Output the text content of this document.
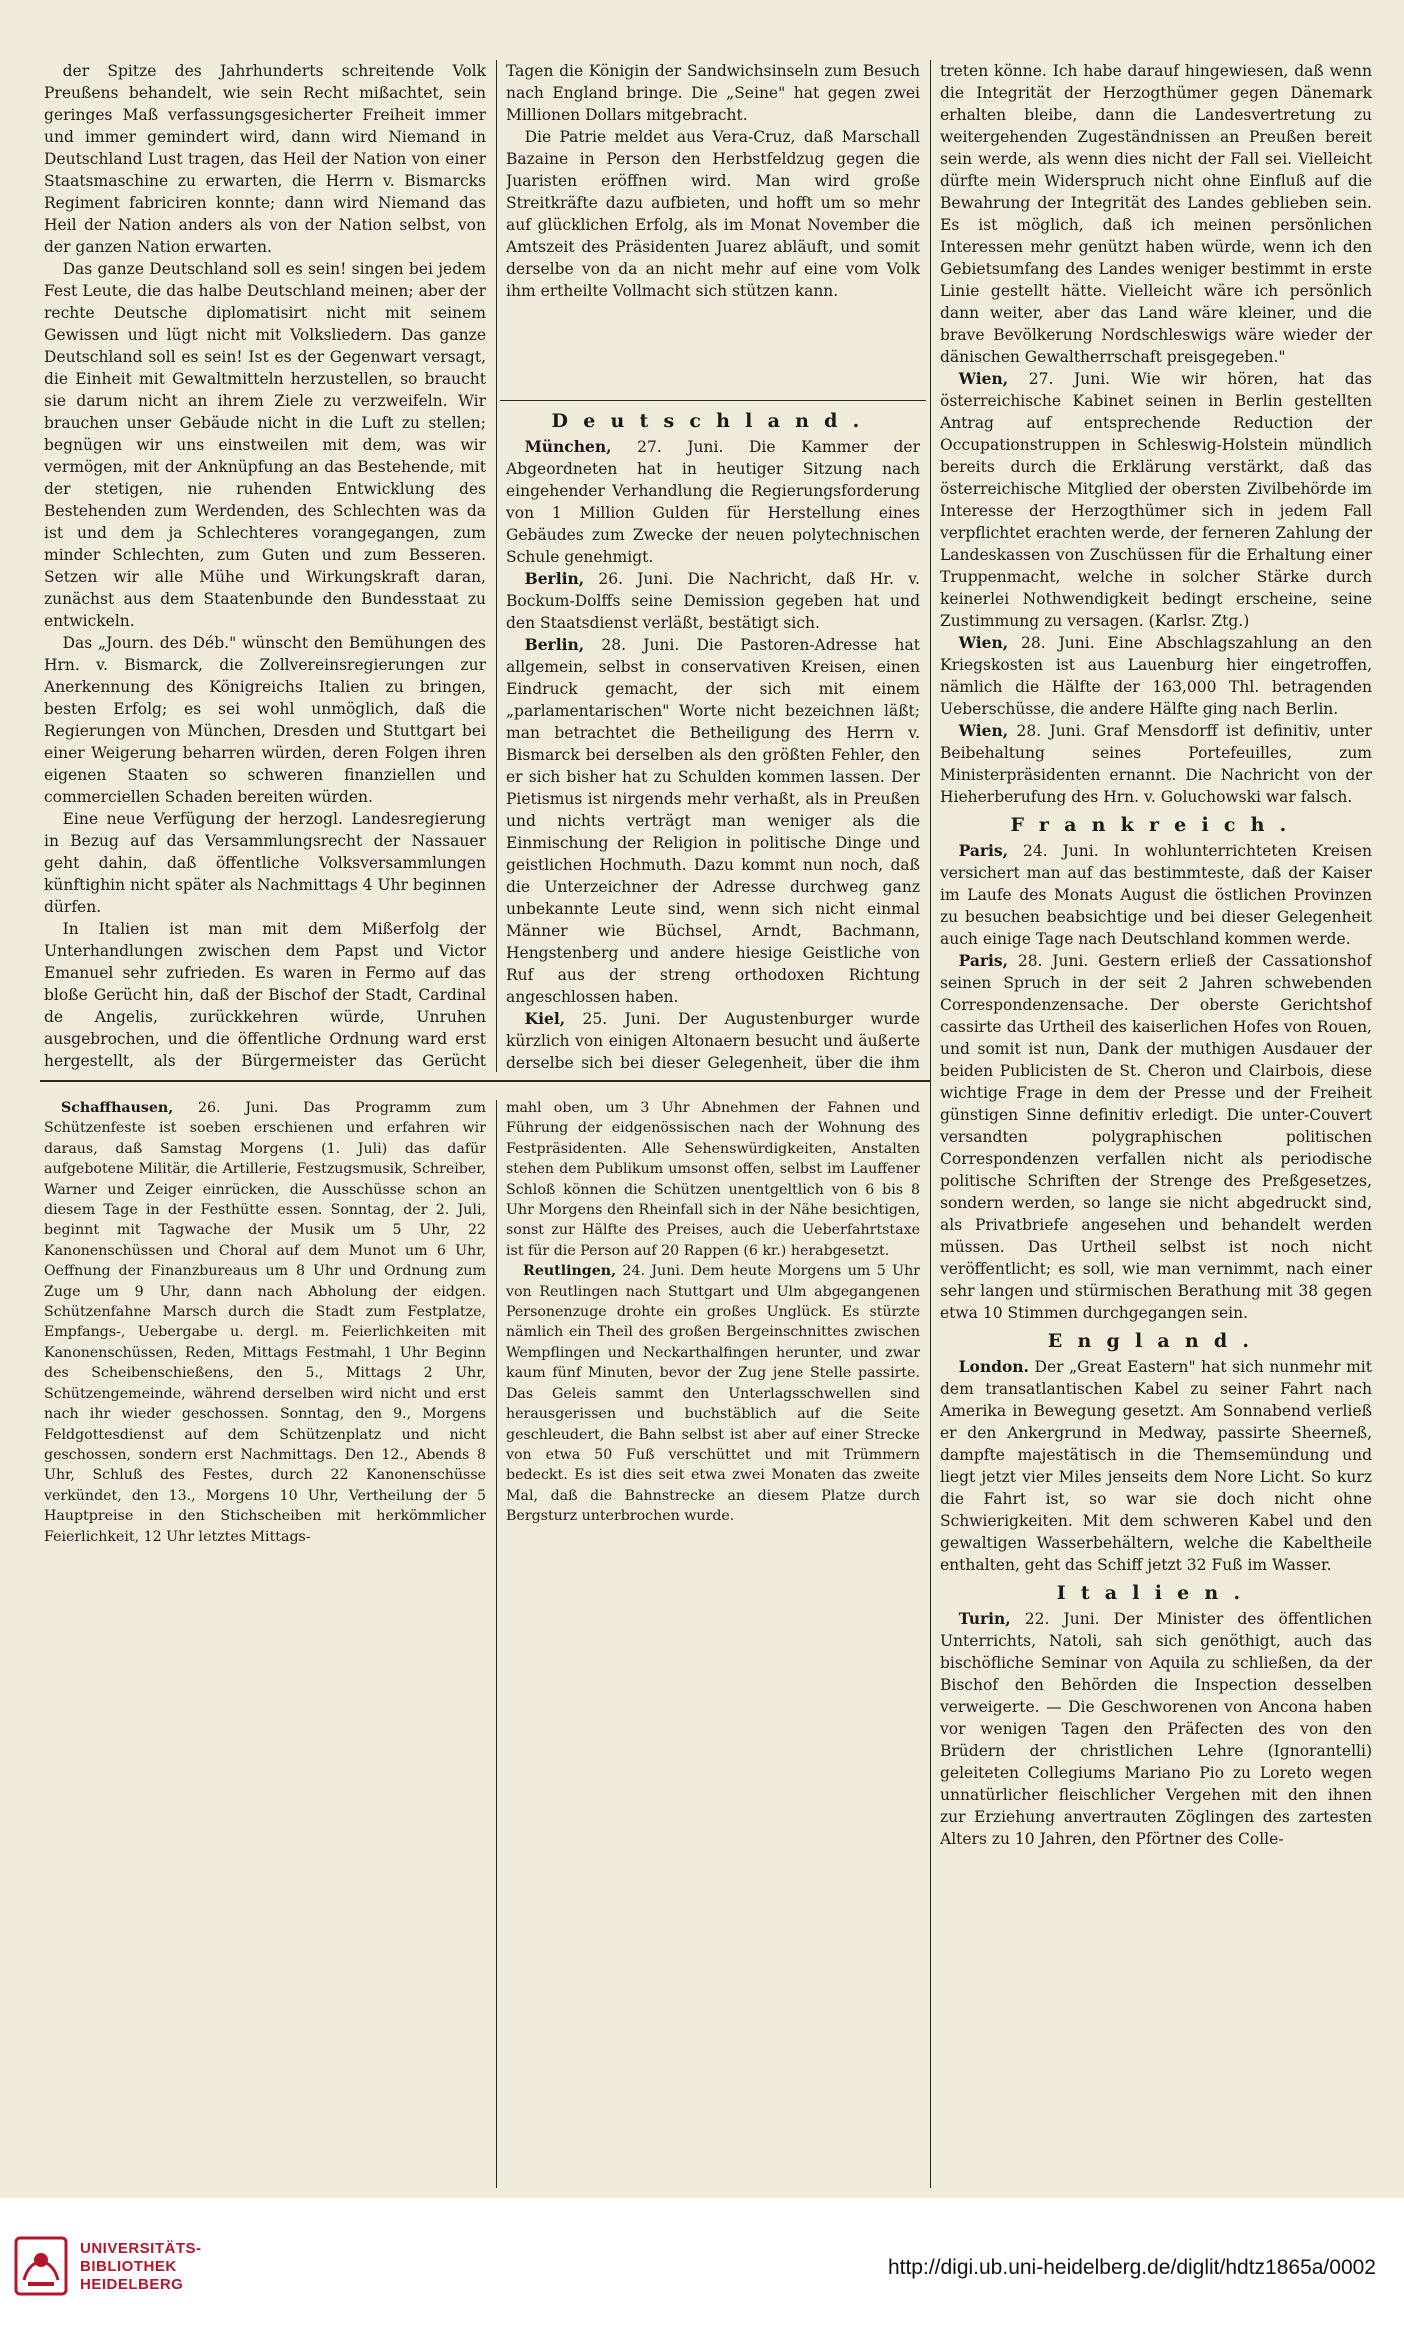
der Spitze des Jahrhunderts schreitende Volk Preußens behandelt, wie sein Recht mißachtet, sein geringes Maß verfassungsgesicherter Freiheit immer und immer gemindert wird, dann wird Niemand in Deutschland Lust tragen, das Heil der Nation von einer Staatsmaschine zu erwarten, die Herrn v. Bismarcks Regiment fabriciren konnte; dann wird Niemand das Heil der Nation anders als von der Nation selbst, von der ganzen Nation erwarten.

Das ganze Deutschland soll es sein! singen bei jedem Fest Leute, die das halbe Deutschland meinen; aber der rechte Deutsche diplomatisirt nicht mit seinem Gewissen und lügt nicht mit Volksliedern. Das ganze Deutschland soll es sein! Ist es der Gegenwart versagt, die Einheit mit Gewaltmitteln herzustellen, so braucht sie darum nicht an ihrem Ziele zu verzweifeln. Wir brauchen unser Gebäude nicht in die Luft zu stellen; begnügen wir uns einstweilen mit dem, was wir vermögen, mit der Anknüpfung an das Bestehende, mit der stetigen, nie ruhenden Entwicklung des Bestehenden zum Werdenden, des Schlechten was da ist und dem ja Schlechteres vorangegangen, zum minder Schlechten, zum Guten und zum Besseren. Setzen wir alle Mühe und Wirkungskraft daran, zunächst aus dem Staatenbunde den Bundesstaat zu entwickeln.

Das „Journ. des Déb." wünscht den Bemühungen des Hrn. v. Bismarck, die Zollvereinsregierungen zur Anerkennung des Königreichs Italien zu bringen, besten Erfolg; es sei wohl unmöglich, daß die Regierungen von München, Dresden und Stuttgart bei einer Weigerung beharren würden, deren Folgen ihren eigenen Staaten so schweren finanziellen und commerciellen Schaden bereiten würden.

Eine neue Verfügung der herzogl. Landesregierung in Bezug auf das Versammlungsrecht der Nassauer geht dahin, daß öffentliche Volksversammlungen künftighin nicht später als Nachmittags 4 Uhr beginnen dürfen.

In Italien ist man mit dem Mißerfolg der Unterhandlungen zwischen dem Papst und Victor Emanuel sehr zufrieden. Es waren in Fermo auf das bloße Gerücht hin, daß der Bischof der Stadt, Cardinal de Angelis, zurückkehren würde, Unruhen ausgebrochen, und die öffentliche Ordnung ward erst hergestellt, als der Bürgermeister das Gerücht

Tagen die Königin der Sandwichsinseln zum Besuch nach England bringe. Die „Seine" hat gegen zwei Millionen Dollars mitgebracht.

Die Patrie meldet aus Vera-Cruz, daß Marschall Bazaine in Person den Herbstfeldzug gegen die Juaristen eröffnen wird. Man wird große Streitkräfte dazu aufbieten, und hofft um so mehr auf glücklichen Erfolg, als im Monat November die Amtszeit des Präsidenten Juarez abläuft, und somit derselbe von da an nicht mehr auf eine vom Volk ihm ertheilte Vollmacht sich stützen kann.

Deutschland.

München, 27. Juni. Die Kammer der Abgeordneten hat in heutiger Sitzung nach eingehender Verhandlung die Regierungsforderung von 1 Million Gulden für Herstellung eines Gebäudes zum Zwecke der neuen polytechnischen Schule genehmigt.

Berlin, 26. Juni. Die Nachricht, daß Hr. v. Bockum-Dolffs seine Demission gegeben hat und den Staatsdienst verläßt, bestätigt sich.

Berlin, 28. Juni. Die Pastoren-Adresse hat allgemein, selbst in conservativen Kreisen, einen Eindruck gemacht, der sich mit einem „parlamentarischen" Worte nicht bezeichnen läßt; man betrachtet die Betheiligung des Herrn v. Bismarck bei derselben als den größten Fehler, den er sich bisher hat zu Schulden kommen lassen. Der Pietismus ist nirgends mehr verhaßt, als in Preußen und nichts verträgt man weniger als die Einmischung der Religion in politische Dinge und geistlichen Hochmuth. Dazu kommt nun noch, daß die Unterzeichner der Adresse durchweg ganz unbekannte Leute sind, wenn sich nicht einmal Männer wie Büchsel, Arndt, Bachmann, Hengstenberg und andere hiesige Geistliche von Ruf aus der streng orthodoxen Richtung angeschlossen haben.

Kiel, 25. Juni. Der Augustenburger wurde kürzlich von einigen Altonaern besucht und äußerte derselbe sich bei dieser Gelegenheit, über die ihm

treten könne. Ich habe darauf hingewiesen, daß wenn die Integrität der Herzogthümer gegen Dänemark erhalten bleibe, dann die Landesvertretung zu weitergehenden Zugeständnissen an Preußen bereit sein werde, als wenn dies nicht der Fall sei. Vielleicht dürfte mein Widerspruch nicht ohne Einfluß auf die Bewahrung der Integrität des Landes geblieben sein. Es ist möglich, daß ich meinen persönlichen Interessen mehr genützt haben würde, wenn ich den Gebietsumfang des Landes weniger bestimmt in erste Linie gestellt hätte. Vielleicht wäre ich persönlich dann weiter, aber das Land wäre kleiner, und die brave Bevölkerung Nordschleswigs wäre wieder der dänischen Gewaltherrschaft preisgegeben."

Wien, 27. Juni. Wie wir hören, hat das österreichische Kabinet seinen in Berlin gestellten Antrag auf entsprechende Reduction der Occupationstruppen in Schleswig-Holstein mündlich bereits durch die Erklärung verstärkt, daß das österreichische Mitglied der obersten Zivilbehörde im Interesse der Herzogthümer sich in jedem Fall verpflichtet erachten werde, der ferneren Zahlung der Landeskassen von Zuschüssen für die Erhaltung einer Truppenmacht, welche in solcher Stärke durch keinerlei Nothwendigkeit bedingt erscheine, seine Zustimmung zu versagen. (Karlsr. Ztg.)

Wien, 28. Juni. Eine Abschlagszahlung an den Kriegskosten ist aus Lauenburg hier eingetroffen, nämlich die Hälfte der 163,000 Thl. betragenden Ueberschüsse, die andere Hälfte ging nach Berlin.

Wien, 28. Juni. Graf Mensdorff ist definitiv, unter Beibehaltung seines Portefeuilles, zum Ministerpräsidenten ernannt. Die Nachricht von der Hieherberufung des Hrn. v. Goluchowski war falsch.

Frankreich.

Paris, 24. Juni. In wohlunterrichteten Kreisen versichert man auf das bestimmteste, daß der Kaiser im Laufe des Monats August die östlichen Provinzen zu besuchen beabsichtige und bei dieser Gelegenheit auch einige Tage nach Deutschland kommen werde.

Paris, 28. Juni. Gestern erließ der Cassationshof seinen Spruch in der seit 2 Jahren schwebenden Correspondenzensache. Der oberste Gerichtshof cassirte das Urtheil des kaiserlichen Hofes von Rouen, und somit ist nun, Dank der muthigen Ausdauer der beiden Publicisten de St. Cheron und Clairbois, diese wichtige Frage in dem der Presse und der Freiheit günstigen Sinne definitiv erledigt. Die unter-Couvert versandten polygraphischen politischen Correspondenzen verfallen nicht als periodische politische Schriften der Strenge des Preßgesetzes, sondern werden, so lange sie nicht abgedruckt sind, als Privatbriefe angesehen und behandelt werden müssen. Das Urtheil selbst ist noch nicht veröffentlicht; es soll, wie man vernimmt, nach einer sehr langen und stürmischen Berathung mit 38 gegen etwa 10 Stimmen durchgegangen sein.

England.

London. Der „Great Eastern" hat sich nunmehr mit dem transatlantischen Kabel zu seiner Fahrt nach Amerika in Bewegung gesetzt. Am Sonnabend verließ er den Ankergrund in Medway, passirte Sheerneß, dampfte majestätisch in die Themsemündung und liegt jetzt vier Miles jenseits dem Nore Licht. So kurz die Fahrt ist, so war sie doch nicht ohne Schwierigkeiten. Mit dem schweren Kabel und den gewaltigen Wasserbehältern, welche die Kabeltheile enthalten, geht das Schiff jetzt 32 Fuß im Wasser.

Italien.

Turin, 22. Juni. Der Minister des öffentlichen Unterrichts, Natoli, sah sich genöthigt, auch das bischöfliche Seminar von Aquila zu schließen, da der Bischof den Behörden die Inspection desselben verweigerte. — Die Geschworenen von Ancona haben vor wenigen Tagen den Präfecten des von den Brüdern der christlichen Lehre (Ignorantelli) geleiteten Collegiums Mariano Pio zu Loreto wegen unnatürlicher fleischlicher Vergehen mit den ihnen zur Erziehung anvertrauten Zöglingen des zartesten Alters zu 10 Jahren, den Pförtner des Colle-

Schaffhausen, 26. Juni. Das Programm zum Schützenfeste ist soeben erschienen und erfahren wir daraus, daß Samstag Morgens (1. Juli) das dafür aufgebotene Militär, die Artillerie, Festzugsmusik, Schreiber, Warner und Zeiger einrücken, die Ausschüsse schon an diesem Tage in der Festhütte essen. Sonntag, der 2. Juli, beginnt mit Tagwache der Musik um 5 Uhr, 22 Kanonenschüssen und Choral auf dem Munot um 6 Uhr, Oeffnung der Finanzbureaus um 8 Uhr und Ordnung zum Zuge um 9 Uhr, dann nach Abholung der eidgen. Schützenfahne Marsch durch die Stadt zum Festplatze, Empfangs-, Uebergabe u. dergl. m. Feierlichkeiten mit Kanonenschüssen, Reden, Mittags Festmahl, 1 Uhr Beginn des Scheibenschießens, den 5., Mittags 2 Uhr, Schützengemeinde, während derselben wird nicht und erst nach ihr wieder geschossen. Sonntag, den 9., Morgens Feldgottesdienst auf dem Schützenplatz und nicht geschossen, sondern erst Nachmittags. Den 12., Abends 8 Uhr, Schluß des Festes, durch 22 Kanonenschüsse verkündet, den 13., Morgens 10 Uhr, Vertheilung der 5 Hauptpreise in den Stichscheiben mit herkömmlicher Feierlichkeit, 12 Uhr letztes Mittags-

mahl oben, um 3 Uhr Abnehmen der Fahnen und Führung der eidgenössischen nach der Wohnung des Festpräsidenten. Alle Sehenswürdigkeiten, Anstalten stehen dem Publikum umsonst offen, selbst im Lauffener Schloß können die Schützen unentgeltlich von 6 bis 8 Uhr Morgens den Rheinfall sich in der Nähe besichtigen, sonst zur Hälfte des Preises, auch die Ueberfahrtstaxe ist für die Person auf 20 Rappen (6 kr.) herabgesetzt.

Reutlingen, 24. Juni. Dem heute Morgens um 5 Uhr von Reutlingen nach Stuttgart und Ulm abgegangenen Personenzuge drohte ein großes Unglück. Es stürzte nämlich ein Theil des großen Bergeinschnittes zwischen Wempflingen und Neckarthalfingen herunter, und zwar kaum fünf Minuten, bevor der Zug jene Stelle passirte. Das Geleis sammt den Unterlagsschwellen sind herausgerissen und buchstäblich auf die Seite geschleudert, die Bahn selbst ist aber auf einer Strecke von etwa 50 Fuß verschüttet und mit Trümmern bedeckt. Es ist dies seit etwa zwei Monaten das zweite Mal, daß die Bahnstrecke an diesem Platze durch Bergsturz unterbrochen wurde.

UNIVERSITÄTS-
BIBLIOTHEK
HEIDELBERG
http://digi.ub.uni-heidelberg.de/diglit/hdtz1865a/0002
